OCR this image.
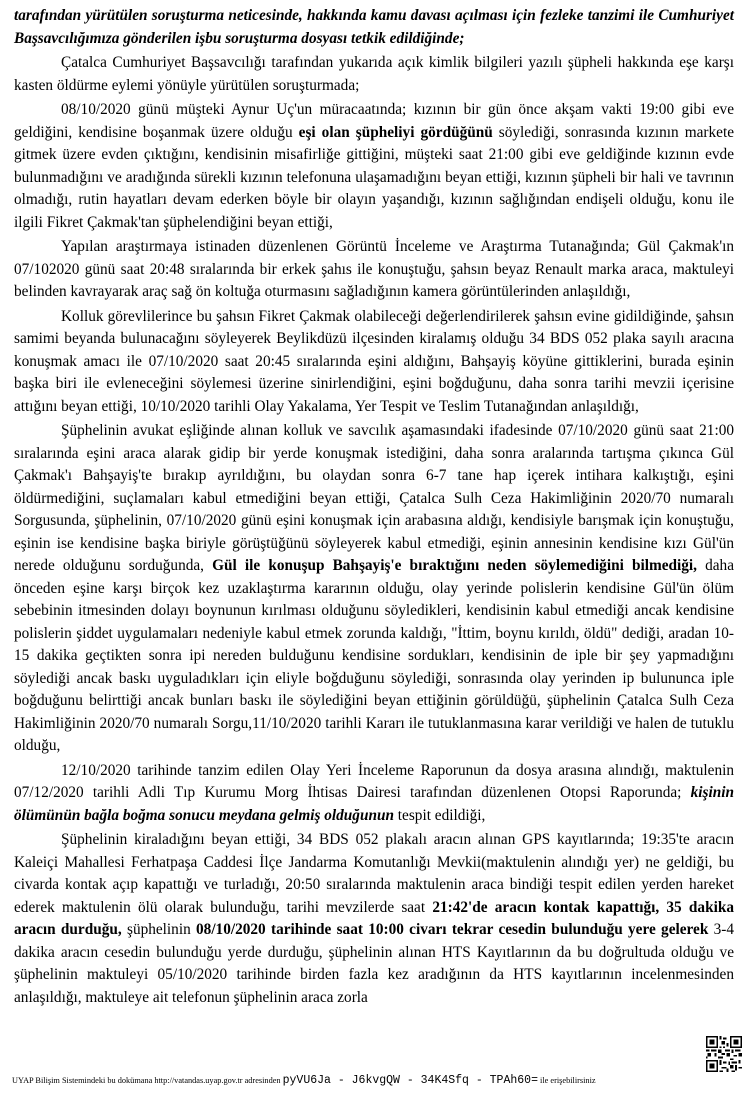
tarafından yürütülen soruşturma neticesinde, hakkında kamu davası açılması için fezleke tanzimi ile Cumhuriyet Başsavcılığımıza gönderilen işbu soruşturma dosyası tetkik edildiğinde;

Çatalca Cumhuriyet Başsavcılığı tarafından yukarıda açık kimlik bilgileri yazılı şüpheli hakkında eşe karşı kasten öldürme eylemi yönüyle yürütülen soruşturmada;

08/10/2020 günü müşteki Aynur Uç'un müracaatında; kızının bir gün önce akşam vakti 19:00 gibi eve geldiğini, kendisine boşanmak üzere olduğu eşi olan şüpheliyi gördüğünü söylediği, sonrasında kızının markete gitmek üzere evden çıktığını, kendisinin misafirliğe gittiğini, müşteki saat 21:00 gibi eve geldiğinde kızının evde bulunmadığını ve aradığında sürekli kızının telefonuna ulaşamadığını beyan ettiği, kızının şüpheli bir hali ve tavrının olmadığı, rutin hayatları devam ederken böyle bir olayın yaşandığı, kızının sağlığından endişeli olduğu, konu ile ilgili Fikret Çakmak'tan şüphelendiğini beyan ettiği,

Yapılan araştırmaya istinaden düzenlenen Görüntü İnceleme ve Araştırma Tutanağında; Gül Çakmak'ın 07/102020 günü saat 20:48 sıralarında bir erkek şahıs ile konuştuğu, şahsın beyaz Renault marka araca, maktuleyi belinden kavrayarak araç sağ ön koltuğa oturmasını sağladığının kamera görüntülerinden anlaşıldığı,

Kolluk görevlilerince bu şahsın Fikret Çakmak olabileceği değerlendirilerek şahsın evine gidildiğinde, şahsın samimi beyanda bulunacağını söyleyerek Beylikdüzü ilçesinden kiralamış olduğu 34 BDS 052 plaka sayılı aracına konuşmak amacı ile 07/10/2020 saat 20:45 sıralarında eşini aldığını, Bahşayiş köyüne gittiklerini, burada eşinin başka biri ile evleneceğini söylemesi üzerine sinirlendiğini, eşini boğduğunu, daha sonra tarihi mevzii içerisine attığını beyan ettiği, 10/10/2020 tarihli Olay Yakalama, Yer Tespit ve Teslim Tutanağından anlaşıldığı,

Şüphelinin avukat eşliğinde alınan kolluk ve savcılık aşamasındaki ifadesinde 07/10/2020 günü saat 21:00 sıralarında eşini araca alarak gidip bir yerde konuşmak istediğini, daha sonra aralarında tartışma çıkınca Gül Çakmak'ı Bahşayiş'te bırakıp ayrıldığını, bu olaydan sonra 6-7 tane hap içerek intihara kalkıştığı, eşini öldürmediğini, suçlamaları kabul etmediğini beyan ettiği, Çatalca Sulh Ceza Hakimliğinin 2020/70 numaralı Sorgusunda, şüphelinin, 07/10/2020 günü eşini konuşmak için arabasına aldığı, kendisiyle barışmak için konuştuğu, eşinin ise kendisine başka biriyle görüştüğünü söyleyerek kabul etmediği, eşinin annesinin kendisine kızı Gül'ün nerede olduğunu sorduğunda, Gül ile konuşup Bahşayiş'e bıraktığını neden söylemediğini bilmediği, daha önceden eşine karşı birçok kez uzaklaştırma kararının olduğu, olay yerinde polislerin kendisine Gül'ün ölüm sebebinin itmesinden dolayı boynunun kırılması olduğunu söyledikleri, kendisinin kabul etmediği ancak kendisine polislerin şiddet uygulamaları nedeniyle kabul etmek zorunda kaldığı, "İttim, boynu kırıldı, öldü" dediği, aradan 10-15 dakika geçtikten sonra ipi nereden bulduğunu kendisine sordukları, kendisinin de iple bir şey yapmadığını söylediği ancak baskı uyguladıkları için eliyle boğduğunu söylediği, sonrasında olay yerinden ip bulununca iple boğduğunu belirttiği ancak bunları baskı ile söylediğini beyan ettiğinin görüldüğü, şüphelinin Çatalca Sulh Ceza Hakimliğinin 2020/70 numaralı Sorgu,11/10/2020 tarihli Kararı ile tutuklanmasına karar verildiği ve halen de tutuklu olduğu,

12/10/2020 tarihinde tanzim edilen Olay Yeri İnceleme Raporunun da dosya arasına alındığı, maktulenin 07/12/2020 tarihli Adli Tıp Kurumu Morg İhtisas Dairesi tarafından düzenlenen Otopsi Raporunda; kişinin ölümünün bağla boğma sonucu meydana gelmiş olduğunun tespit edildiği,

Şüphelinin kiraladığını beyan ettiği, 34 BDS 052 plakalı aracın alınan GPS kayıtlarında; 19:35'te aracın Kaleiçi Mahallesi Ferhatpaşa Caddesi İlçe Jandarma Komutanlığı Mevkii(maktulenin alındığı yer) ne geldiği, bu civarda kontak açıp kapattığı ve turladığı, 20:50 sıralarında maktulenin araca bindiği tespit edilen yerden hareket ederek maktulenin ölü olarak bulunduğu, tarihi mevzilerde saat 21:42'de aracın kontak kapattığı, 35 dakika aracın durduğu, şüphelinin 08/10/2020 tarihinde saat 10:00 civarı tekrar cesedin bulunduğu yere gelerek 3-4 dakika aracın cesedin bulunduğu yerde durduğu, şüphelinin alınan HTS Kayıtlarının da bu doğrultuda olduğu ve şüphelinin maktuleyi 05/10/2020 tarihinde birden fazla kez aradığının da HTS kayıtlarının incelenmesinden anlaşıldığı, maktuleye ait telefonun şüphelinin araca zorla

UYAP Bilişim Sistemindeki bu dokümana http://vatandas.uyap.gov.tr adresinden pyVU6Ja - J6kvgQW - 34K4Sfq - TPAh60= ile erişebilirsiniz
